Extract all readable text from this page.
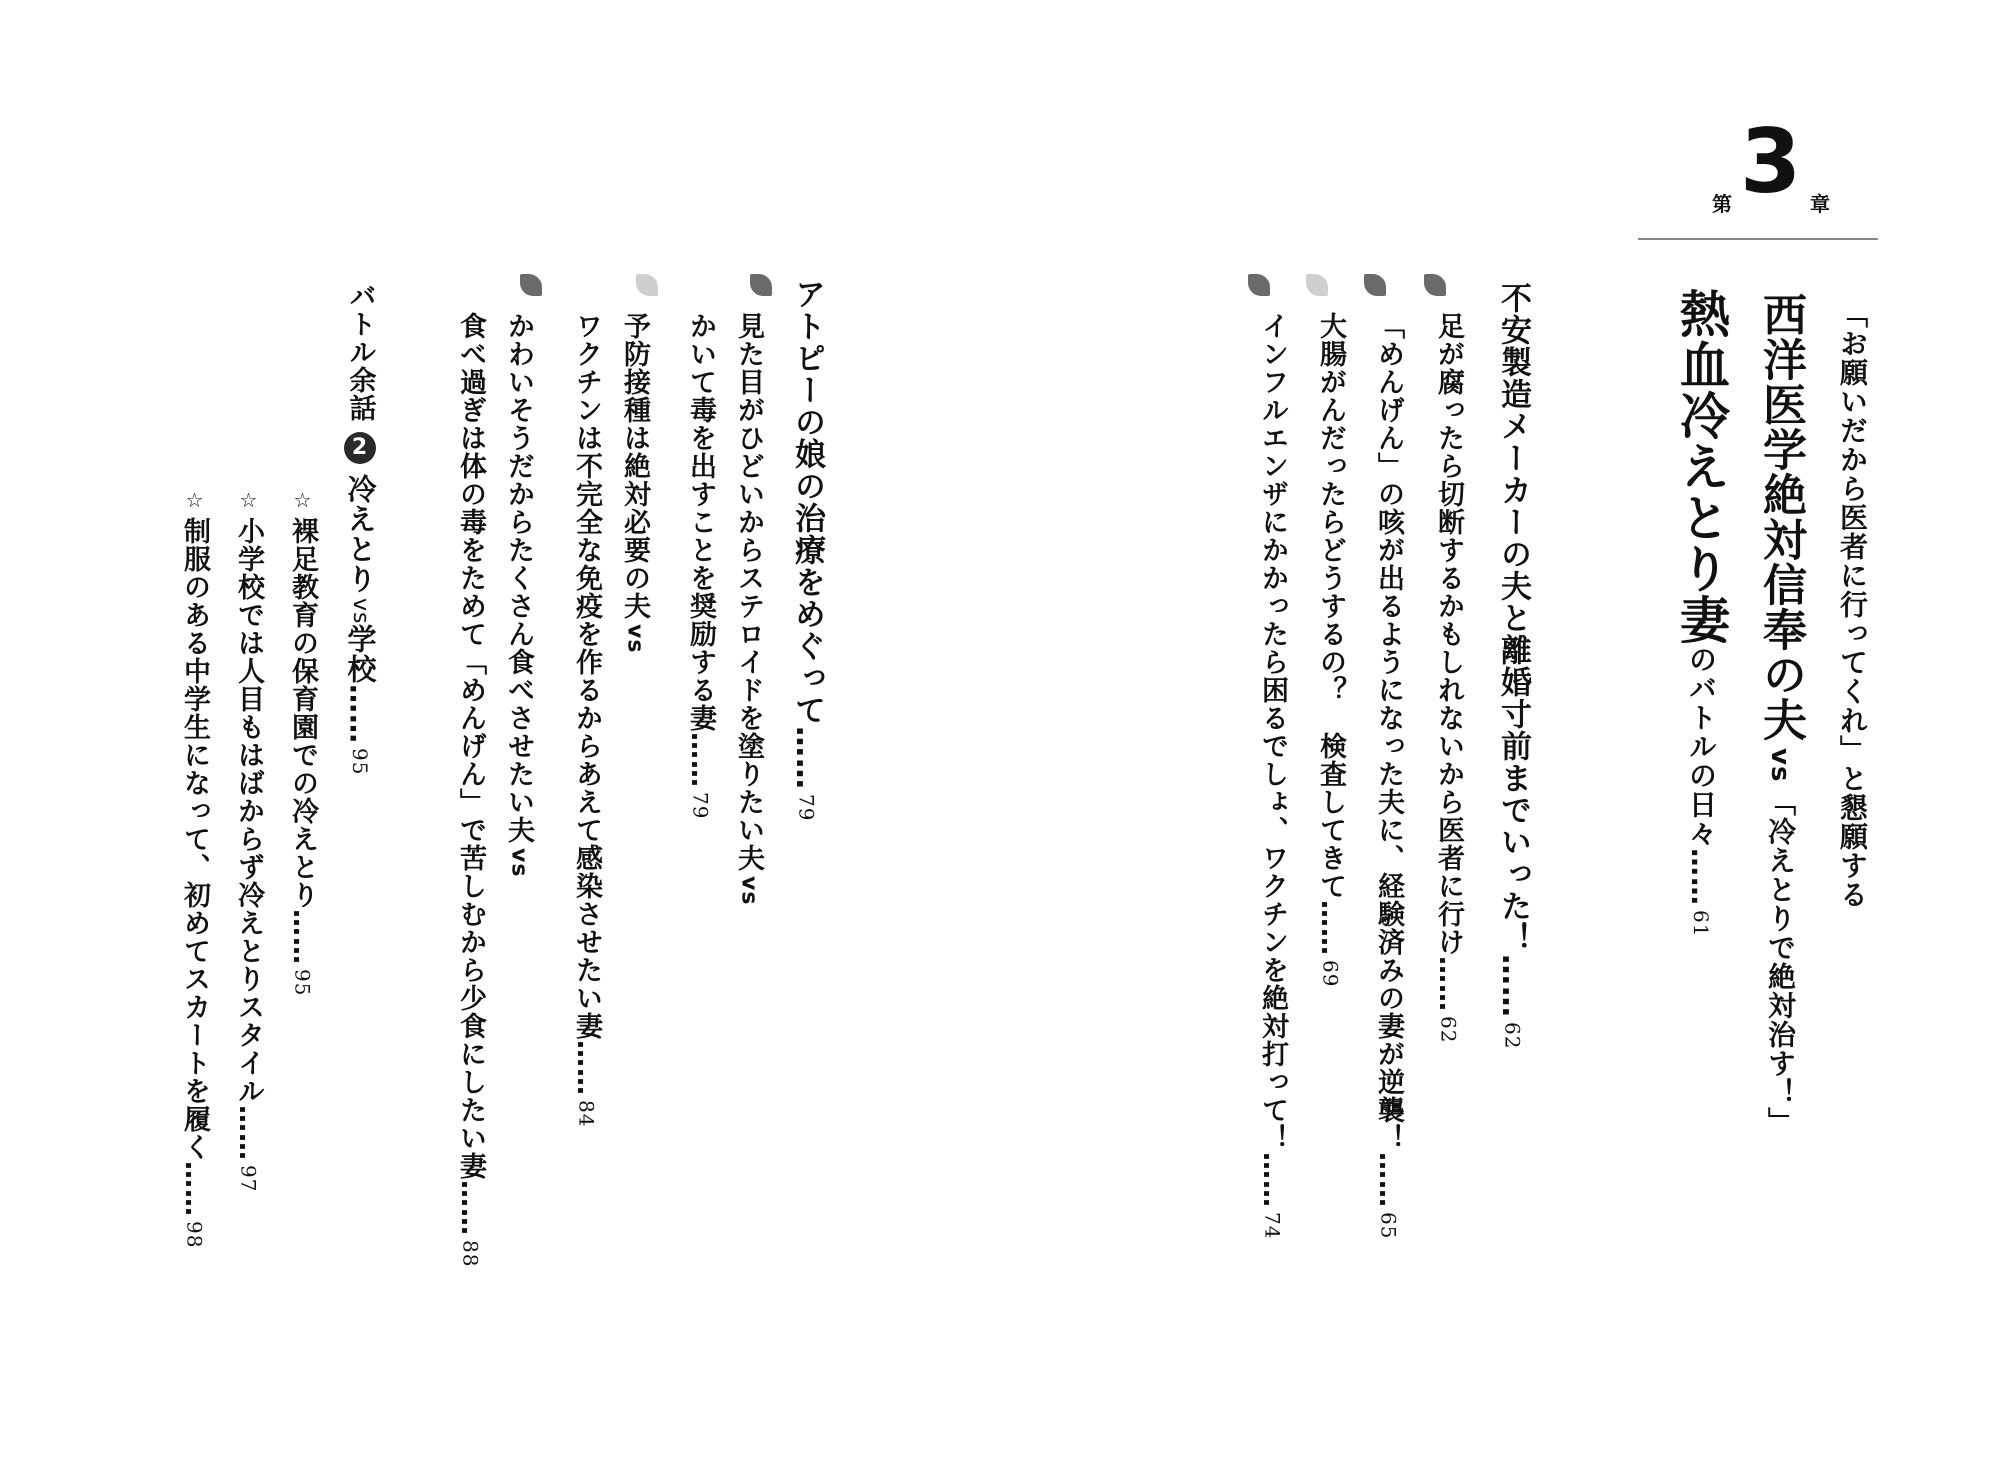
第 3 章
「お願いだから医者に行ってくれ」と懇願する
西洋医学絶対信奉の夫
vs
「冷えとりで絶対治す！」
熱血冷えとり妻
のバトルの日々……
61
不安製造メーカーの夫と離婚寸前までいった！……
62
足が腐ったら切断するかもしれないから医者に行け……
62
「めんげん」の咳が出るようになった夫に、経験済みの妻が逆襲！……
65
大腸がんだったらどうするの？　検査してきて……
69
インフルエンザにかかったら困るでしょ、ワクチンを絶対打って！……
74
アトピーの娘の治療をめぐって……
79
見た目がひどいからステロイドを塗りたい夫
vs
かいて毒を出すことを奨励する妻……
79
予防接種は絶対必要の夫
vs
ワクチンは不完全な免疫を作るからあえて感染させたい妻……
84
かわいそうだからたくさん食べさせたい夫
vs
食べ過ぎは体の毒をためて「めんげん」で苦しむから少食にしたい妻……
88
バトル余話
2
冷えとり
vs
学校……
95
☆
裸足教育の保育園での冷えとり……
95
☆
小学校では人目もはばからず冷えとりスタイル……
97
☆
制服のある中学生になって、初めてスカートを履く……
98
